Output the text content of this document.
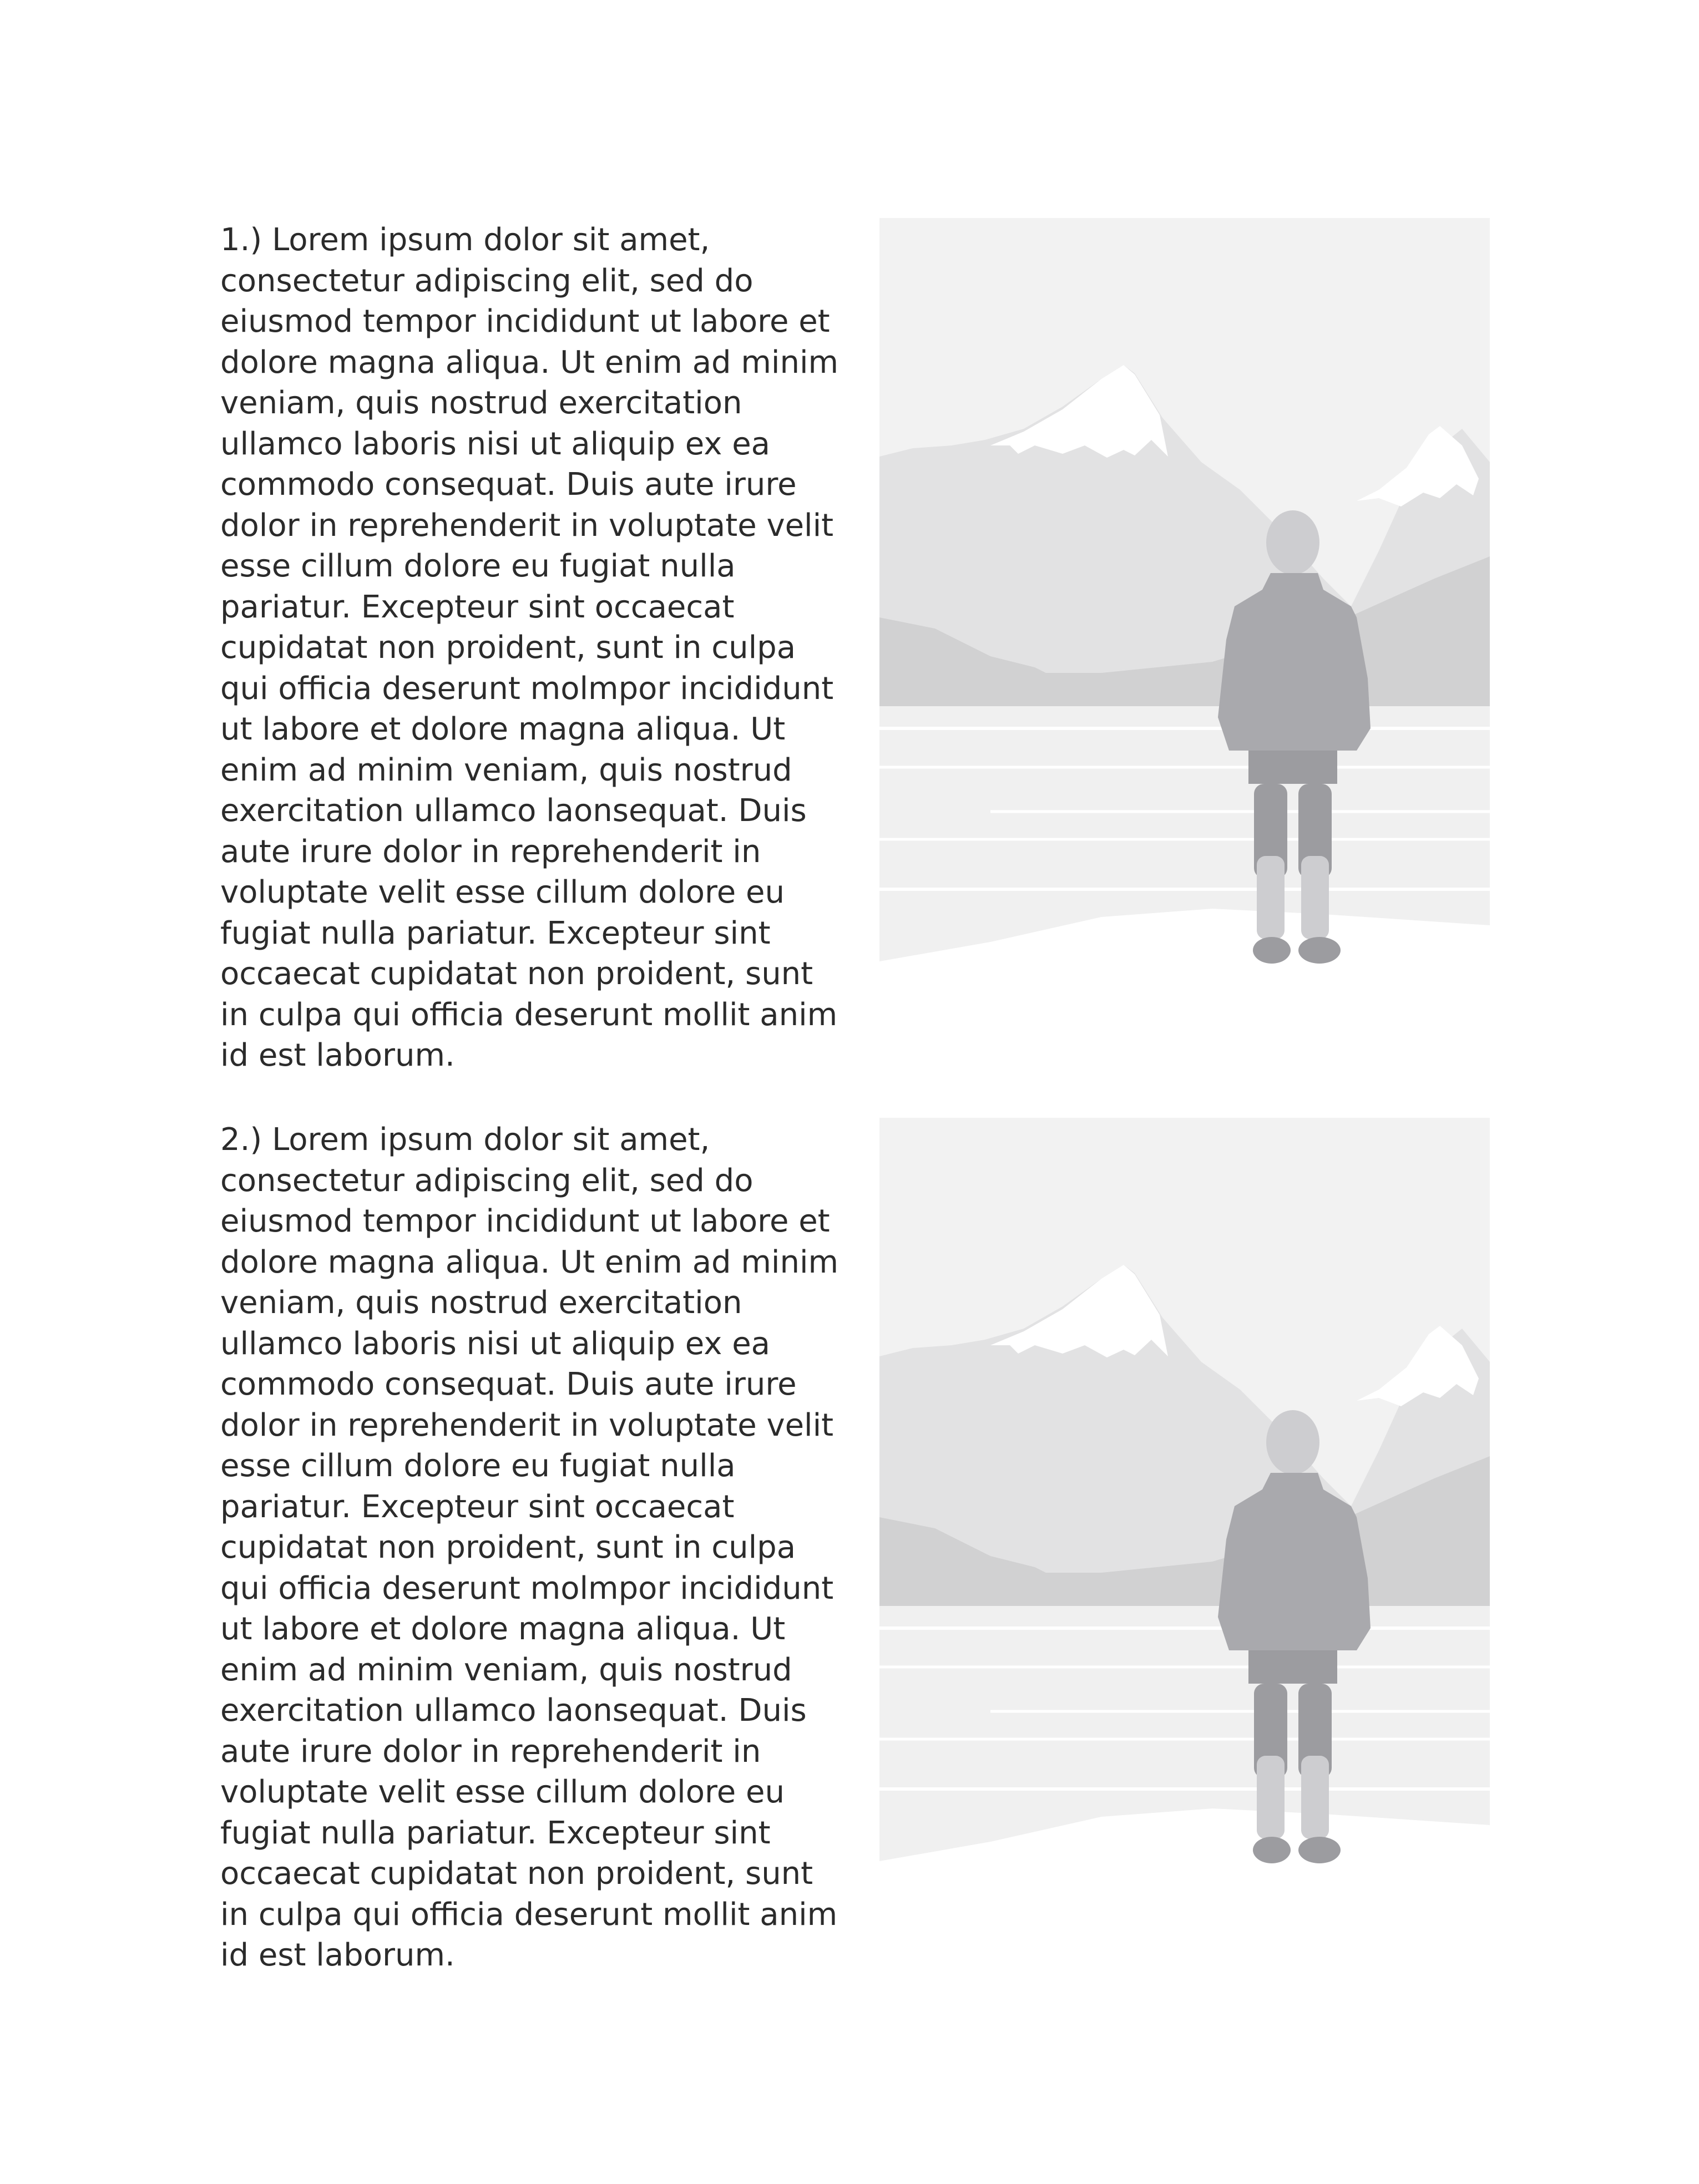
1.) Lorem ipsum dolor sit amet, consectetur adipiscing elit, sed do eiusmod tempor incididunt ut labore et dolore magna aliqua. Ut enim ad minim veniam, quis nostrud exercitation ullamco laboris nisi ut aliquip ex ea commodo consequat. Duis aute irure dolor in reprehenderit in voluptate velit esse cillum dolore eu fugiat nulla pariatur. Excepteur sint occaecat cupidatat non proident, sunt in culpa qui officia deserunt molmpor incididunt ut labore et dolore magna aliqua. Ut enim ad minim veniam, quis nostrud exercitation ullamco laonsequat. Duis aute irure dolor in reprehenderit in voluptate velit esse cillum dolore eu fugiat nulla pariatur. Excepteur sint occaecat cupidatat non proident, sunt in culpa qui officia deserunt mollit anim id est laborum.

2.) Lorem ipsum dolor sit amet, consectetur adipiscing elit, sed do eiusmod tempor incididunt ut labore et dolore magna aliqua. Ut enim ad minim veniam, quis nostrud exercitation ullamco laboris nisi ut aliquip ex ea commodo consequat. Duis aute irure dolor in reprehenderit in voluptate velit esse cillum dolore eu fugiat nulla pariatur. Excepteur sint occaecat cupidatat non proident, sunt in culpa qui officia deserunt molmpor incididunt ut labore et dolore magna aliqua. Ut enim ad minim veniam, quis nostrud exercitation ullamco laonsequat. Duis aute irure dolor in reprehenderit in voluptate velit esse cillum dolore eu fugiat nulla pariatur. Excepteur sint occaecat cupidatat non proident, sunt in culpa qui officia deserunt mollit anim id est laborum.
